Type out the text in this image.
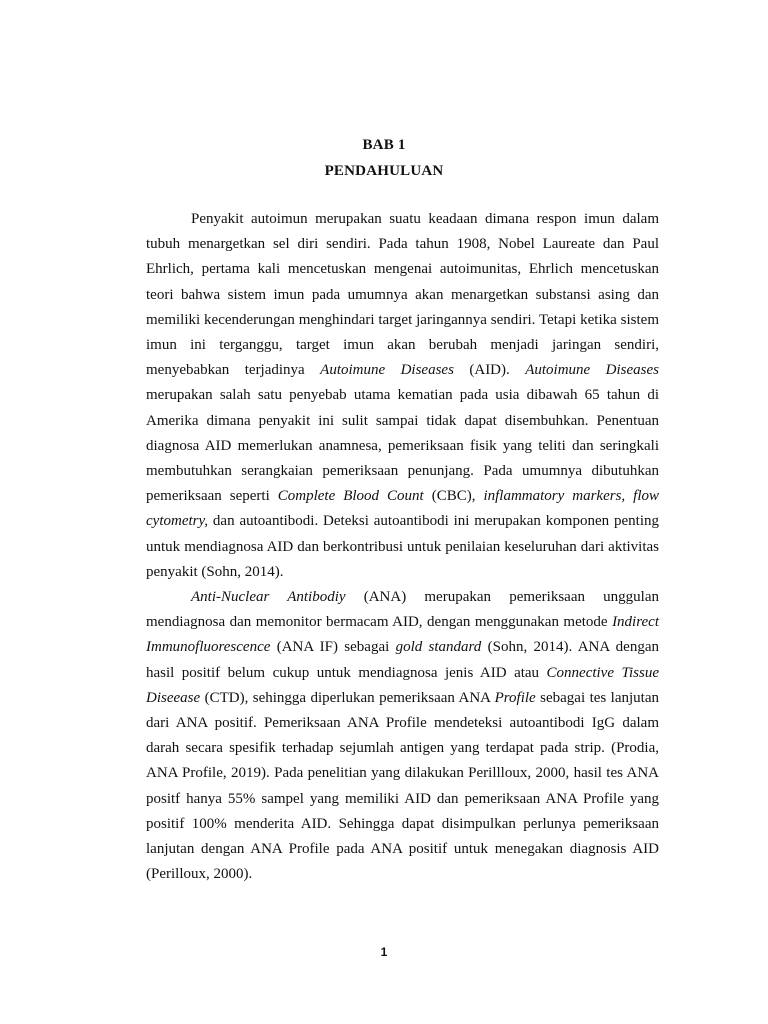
BAB 1
PENDAHULUAN

Penyakit autoimun merupakan suatu keadaan dimana respon imun dalam tubuh menargetkan sel diri sendiri. Pada tahun 1908, Nobel Laureate dan Paul Ehrlich, pertama kali mencetuskan mengenai autoimunitas, Ehrlich mencetuskan teori bahwa sistem imun pada umumnya akan menargetkan substansi asing dan memiliki kecenderungan menghindari target jaringannya sendiri. Tetapi ketika sistem imun ini terganggu, target imun akan berubah menjadi jaringan sendiri, menyebabkan terjadinya Autoimune Diseases (AID). Autoimune Diseases merupakan salah satu penyebab utama kematian pada usia dibawah 65 tahun di Amerika dimana penyakit ini sulit sampai tidak dapat disembuhkan. Penentuan diagnosa AID memerlukan anamnesa, pemeriksaan fisik yang teliti dan seringkali membutuhkan serangkaian pemeriksaan penunjang. Pada umumnya dibutuhkan pemeriksaan seperti Complete Blood Count (CBC), inflammatory markers, flow cytometry, dan autoantibodi. Deteksi autoantibodi ini merupakan komponen penting untuk mendiagnosa AID dan berkontribusi untuk penilaian keseluruhan dari aktivitas penyakit (Sohn, 2014).

Anti-Nuclear Antibodiy (ANA) merupakan pemeriksaan unggulan mendiagnosa dan memonitor bermacam AID, dengan menggunakan metode Indirect Immunofluorescence (ANA IF) sebagai gold standard (Sohn, 2014). ANA dengan hasil positif belum cukup untuk mendiagnosa jenis AID atau Connective Tissue Diseease (CTD), sehingga diperlukan pemeriksaan ANA Profile sebagai tes lanjutan dari ANA positif. Pemeriksaan ANA Profile mendeteksi autoantibodi IgG dalam darah secara spesifik terhadap sejumlah antigen yang terdapat pada strip. (Prodia, ANA Profile, 2019). Pada penelitian yang dilakukan Perillloux, 2000, hasil tes ANA positf hanya 55% sampel yang memiliki AID dan pemeriksaan ANA Profile yang positif 100% menderita AID. Sehingga dapat disimpulkan perlunya pemeriksaan lanjutan dengan ANA Profile pada ANA positif untuk menegakan diagnosis AID (Perilloux, 2000).

1
